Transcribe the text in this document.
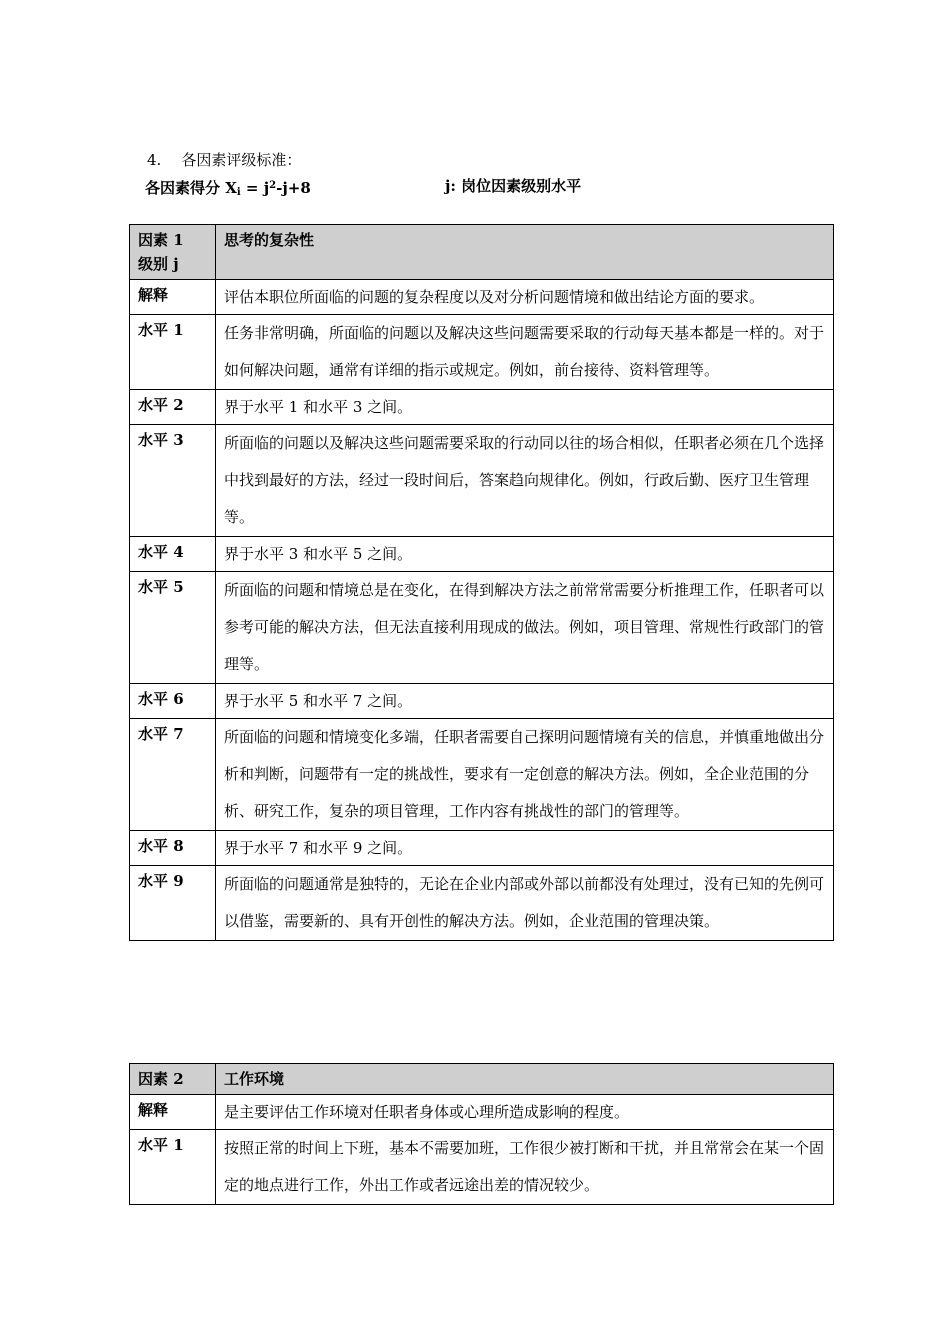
4. 各因素评级标准：
各因素得分 $X_i = j^2-j+8$	j: 岗位因素级别水平
因素 1
级别 j	思考的复杂性
解释	评估本职位所面临的问题的复杂程度以及对分析问题情境和做出结论方面的要求。
水平 1	任务非常明确，所面临的问题以及解决这些问题需要采取的行动每天基本都是一样的。对于如何解决问题，通常有详细的指示或规定。例如，前台接待、资料管理等。
水平 2	界于水平 1 和水平 3 之间。
水平 3	所面临的问题以及解决这些问题需要采取的行动同以往的场合相似，任职者必须在几个选择中找到最好的方法，经过一段时间后，答案趋向规律化。例如，行政后勤、医疗卫生管理等。
水平 4	界于水平 3 和水平 5 之间。
水平 5	所面临的问题和情境总是在变化，在得到解决方法之前常常需要分析推理工作，任职者可以参考可能的解决方法，但无法直接利用现成的做法。例如，项目管理、常规性行政部门的管理等。
水平 6	界于水平 5 和水平 7 之间。
水平 7	所面临的问题和情境变化多端，任职者需要自己探明问题情境有关的信息，并慎重地做出分析和判断，问题带有一定的挑战性，要求有一定创意的解决方法。例如，全企业范围的分析、研究工作，复杂的项目管理，工作内容有挑战性的部门的管理等。
水平 8	界于水平 7 和水平 9 之间。
水平 9	所面临的问题通常是独特的，无论在企业内部或外部以前都没有处理过，没有已知的先例可以借鉴，需要新的、具有开创性的解决方法。例如，企业范围的管理决策。
因素 2	工作环境
解释	是主要评估工作环境对任职者身体或心理所造成影响的程度。
水平 1	按照正常的时间上下班，基本不需要加班，工作很少被打断和干扰，并且常常会在某一个固定的地点进行工作，外出工作或者远途出差的情况较少。
